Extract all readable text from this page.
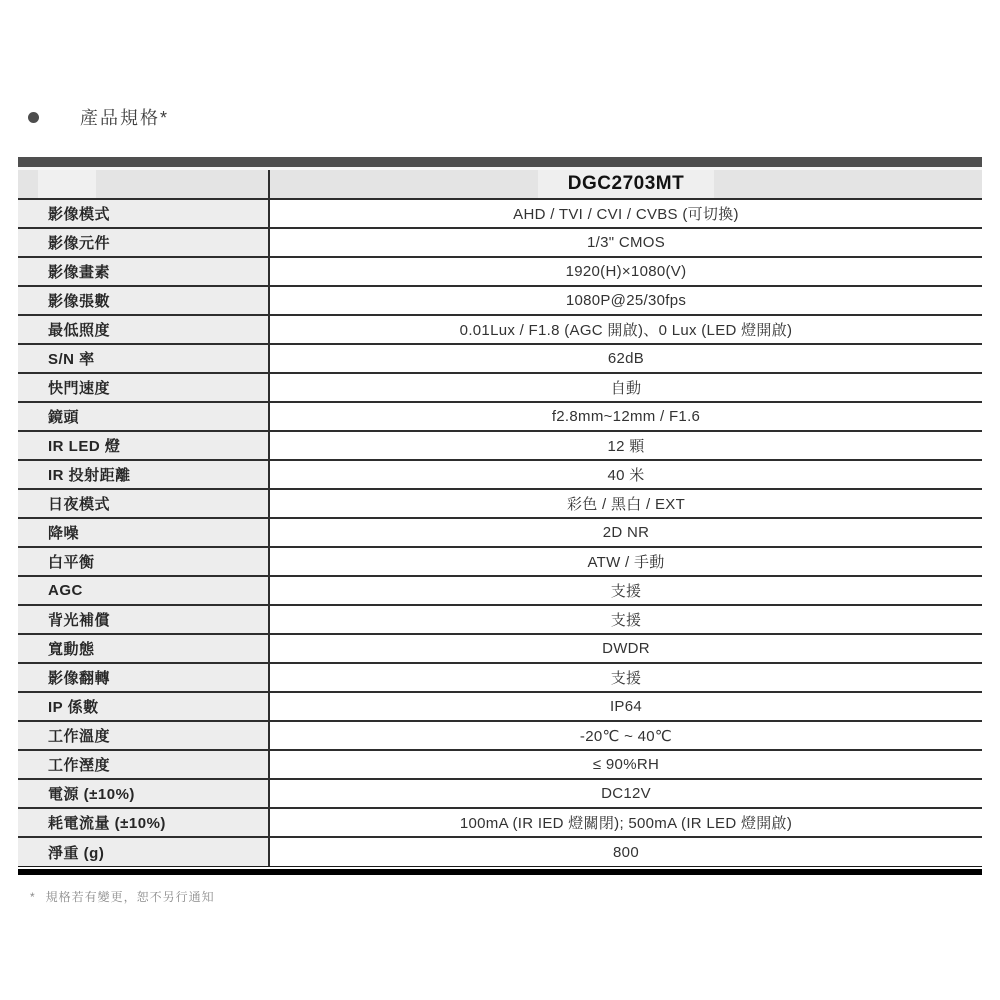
產品規格*
DGC2703MT
影像模式	AHD / TVI / CVI / CVBS (可切換)
影像元件	1/3" CMOS
影像畫素	1920(H)×1080(V)
影像張數	1080P@25/30fps
最低照度	0.01Lux / F1.8 (AGC 開啟)、0 Lux (LED 燈開啟)
S/N 率	62dB
快門速度	自動
鏡頭	f2.8mm~12mm / F1.6
IR LED 燈	12 顆
IR 投射距離	40 米
日夜模式	彩色 / 黑白 / EXT
降噪	2D NR
白平衡	ATW / 手動
AGC	支援
背光補償	支援
寬動態	DWDR
影像翻轉	支援
IP 係數	IP64
工作溫度	-20℃ ~ 40℃
工作溼度	≤ 90%RH
電源 (±10%)	DC12V
耗電流量 (±10%)	100mA (IR IED 燈關閉); 500mA (IR LED 燈開啟)
淨重 (g)	800
* 規格若有變更，恕不另行通知
